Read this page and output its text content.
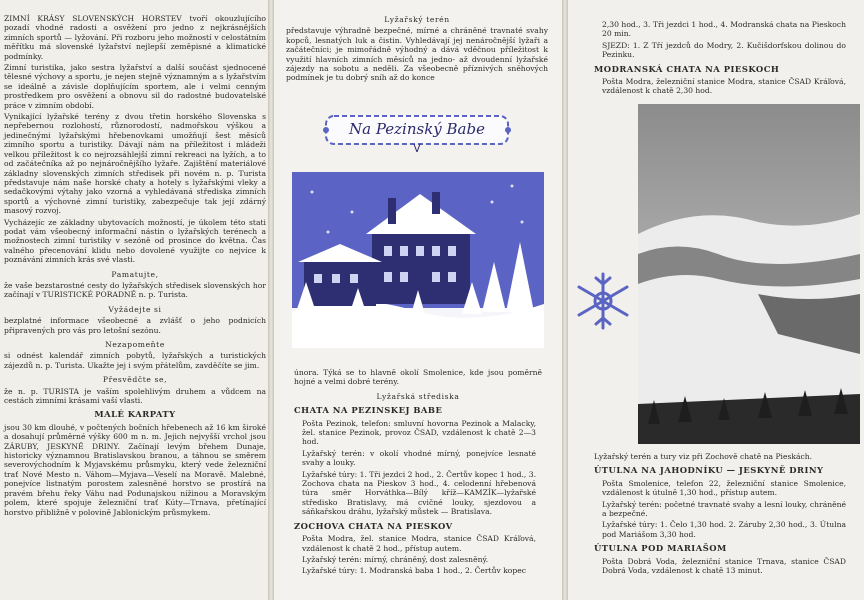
ZIMNÍ KRÁSY SLOVENSKÝCH HORSTEV tvoří okouzlujícího pozadí vhodné radosti a osvěžení pro jedno z nejkrásnějších zimních sportů — lyžování. Při rozboru jeho možností v celostátním měřítku má slovenské lyžařství nejlepší zeměpisné a klimatické podmínky.

Zimní turistika, jako sestra lyžařství a další součást sjednocené tělesné výchovy a sportu, je nejen stejně významným a s lyžařstvím se ideálně a závisle doplňujícím sportem, ale i velmi cenným prostředkem pro osvěžení a obnovu sil do radostné budovatelské práce v zimním období.

Vynikající lyžařské terény z dvou třetin horského Slovenska s nepřebernou rozlohostí, různorodostí, nadmořskou výškou a jedinečnými lyžařskými hřebenovkami umožňují šest měsíců zimního sportu a turistiky. Dávají nám na příležitost i mládeži velkou příležitost k co nejrozsáhlejší zimní rekreaci na lyžích, a to od začátečníka až po nejnáročnějšího lyžaře. Zajištění materiálové základny slovenských zimních středisek při novém n. p. Turista představuje nám naše horské chaty a hotely s lyžařskými vleky a sedačkovými výtahy jako vzorná a vyhledávaná střediska zimních sportů a výchovné zimní turistiky, zabezpečuje tak její zdárný masový rozvoj.

Vycházejíc ze základny ubytovacích možností, je úkolem této stati podat vám všeobecný informační nástin o lyžařských terénech a možnostech zimní turistiky v sezóně od prosince do května. Čas valného přecenování klidu nebo dovolené využijte co nejvíce k poznávání zimních krás své vlasti.

Pamatujte,

že vaše bezstarostné cesty do lyžařských středisek slovenských hor začínají v TURISTICKÉ PORADNĚ n. p. Turista.

Vyžádejte si

bezplatné informace všeobecné a zvlášť o jeho podnicích připravených pro vás pro letošní sezónu.

Nezapomeňte

si odnést kalendář zimních pobytů, lyžařských a turistických zájezdů n. p. Turista. Ukažte jej i svým přátelům, zavděčíte se jim.

Přesvědčte se,

že n. p. TURISTA je vaším spolehlivým druhem a vůdcem na cestách zimními krásami vaší vlasti.

MALÉ KARPATY

jsou 30 km dlouhé, v počtených bočních hřebenech až 16 km široké a dosahují průměrné výšky 600 m n. m. Jejich nejvyšší vrchol jsou ZÁRUBY, JESKYNĚ DRINY. Začínají levým břehem Dunaje, historicky významnou Bratislavskou branou, a táhnou se směrem severovýchodním k Myjavskému průsmyku, který vede železniční trať Nové Mesto n. Váhom—Myjava—Veselí na Moravě. Malebné, ponejvíce listnatým porostem zalesněné horstvo se prostírá na pravém břehu řeky Váhu nad Podunajskou nížinou a Moravským polem, které spojuje železniční trať Kúty—Trnava, přetínající horstvo přibližně v polovině Jablonickým průsmykem.

Lyžařský terén

představuje výhradně bezpečné, mírné a chráněné travnaté svahy kopců, lesnatých luk a čistin. Vyhledávají jej nenáročnější lyžaři a začátečníci; je mimořádně výhodný a dává vděčnou příležitost k využití hlavních zimních měsíců na jedno- až dvoudenní lyžařské zájezdy na sobotu a neděli. Za všeobecně příznivých sněhových podmínek je tu dobrý sníh až do konce

Na Pezinský Babe

února. Týká se to hlavně okolí Smolenice, kde jsou poměrně hojné a velmi dobré terény.

Lyžařská střediska
CHATA NA PEZINSKEJ BABE

Pošta Pezinok, telefon: smluvní hovorna Pezinok a Malacky, žel. stanice Pezinok, provoz ČSAD, vzdálenost k chatě 2—3 hod.

Lyžařský terén: v okolí vhodné mírný, ponejvíce lesnaté svahy a louky.

Lyžařské túry: 1. Tři jezdci 2 hod., 2. Čertův kopec 1 hod., 3. Zochova chata na Pieskov 3 hod., 4. celodenní hřebenová túra směr Horváthka—Bílý kříž—KAMZÍK—lyžařské středisko Bratislavy, má cvičné louky, sjezdovou a sáňkařskou dráhu, lyžařský můstek — Bratislava.

ZOCHOVA CHATA NA PIESKOV

Pošta Modra, žel. stanice Modra, stanice ČSAD Kráľová, vzdálenost k chatě 2 hod., přístup autem.

Lyžařský terén: mírný, chráněný, dost zalesněný.

Lyžařské túry: 1. Modranská baba 1 hod., 2. Čertův kopec

2,30 hod., 3. Tři jezdci 1 hod., 4. Modranská chata na Pieskoch 20 min.

SJEZD: 1. Z Tří jezdců do Modry, 2. Kučišdorfskou dolinou do Pezinku.

MODRANSKÁ CHATA NA PIESKOCH

Pošta Modra, železniční stanice Modra, stanice ČSAD Kráľová, vzdálenost k chatě 2,30 hod.

Lyžařský terén a tury viz při Zochově chatě na Pieskách.

ÚTULNA NA JAHODNÍKU — JESKYNĚ DRINY

Pošta Smolenice, telefon 22, železniční stanice Smolenice, vzdálenost k útulně 1,30 hod., přístup autem.

Lyžařský terén: početné travnaté svahy a lesní louky, chráněné a bezpečné.

Lyžařské túry: 1. Čelo 1,30 hod. 2. Záruby 2,30 hod., 3. Útulna pod Mariášom 3,30 hod.

ÚTULNA POD MARIAŠOM

Pošta Dobrá Voda, železniční stanice Trnava, stanice ČSAD Dobrá Voda, vzdálenost k chatě 13 minut.
